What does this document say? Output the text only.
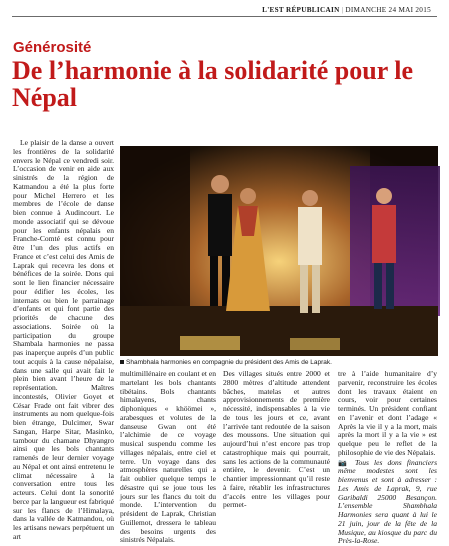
L'EST RÉPUBLICAIN | DIMANCHE 24 MAI 2015
Générosité
De l’harmonie à la solidarité pour le Népal

Le plaisir de la danse a ouvert les frontières de la solidarité envers le Népal ce vendredi soir. L’occasion de venir en aide aux sinistrés de la région de Katmandou a été la plus forte pour Michel Herrero et les membres de l’école de danse bien connue à Audincourt. Le monde associatif qui se dévoue pour les enfants népalais en Franche-Comté est connu pour être l’un des plus actifs en France et c’est celui des Amis de Laprak qui recevra les dons et bénéfices de la soirée. Dons qui sont le lien financier nécessaire pour édifier les écoles, les internats ou bien le parrainage d’enfants et qui font partie des priorités de chacune des associations. Soirée où la participation du groupe Shambala harmonies ne passa pas inaperçue auprès d’un public tout acquis à la cause népalaise, dans une salle qui avait fait le plein bien avant l’heure de la représentation. Maîtres incontestés, Olivier Goyet et César Frade ont fait vibrer des instruments au nom quelque-fois bien étrange, Dulcimer, Swar Sangan, Harpe Sitar, Masinko, tambour du chamane Dhyangro ainsi que les bols chantants ramenés de leur dernier voyage au Népal et ont ainsi entretenu le climat nécessaire à la conversation entre tous les acteurs. Celui dont la sonorité berce par la langueur est fabriqué sur les flancs de l’Himalaya, dans la vallée de Katmandou, où les artisans newars perpétuent un art

Shambhala harmonies en compagnie du président des Amis de Laprak.

multimillénaire en coulant et en martelant les bols chantants tibétains. Bols chantants himalayens, chants diphoniques « khöömei », arabesques et volutes de la danseuse Gwan ont été l’alchimie de ce voyage musical suspendu comme les villages népalais, entre ciel et terre. Un voyage dans des atmosphères naturelles qui a fait oublier quelque temps le désastre qui se joue tous les jours sur les flancs du toit du monde. L’intervention du président de Laprak, Christian Guillemot, dressera le tableau des besoins urgents des sinistrés Népalais.

Des villages situés entre 2000 et 2800 mètres d’altitude attendent bâches, matelas et autres approvisionnements de première nécessité, indispensables à la vie de tous les jours et ce, avant l’arrivée tant redoutée de la saison des moussons. Une situation qui aujourd’hui n’est encore pas trop catastrophique mais qui pourrait, sans les actions de la communauté entière, le devenir. C’est un chantier impressionnant qu’il reste à faire, rétablir les infrastructures d’accès entre les villages pour permet-

tre à l’aide humanitaire d’y parvenir, reconstruire les écoles dont les travaux étaient en cours, voir pour certaines terminés. Un président confiant en l’avenir et dont l’adage « Après la vie il y a la mort, mais après la mort il y a la vie » est quelque peu le reflet de la philosophie de vie des Népalais.

📷 Tous les dons financiers même modestes sont les bienvenus et sont à adresser : Les Amis de Laprak, 9, rue Garibaldi 25000 Besançon. L’ensemble Shambhala Harmonies sera quant à lui le 21 juin, jour de la fête de la Musique, au kiosque du parc du Près-la-Rose.
